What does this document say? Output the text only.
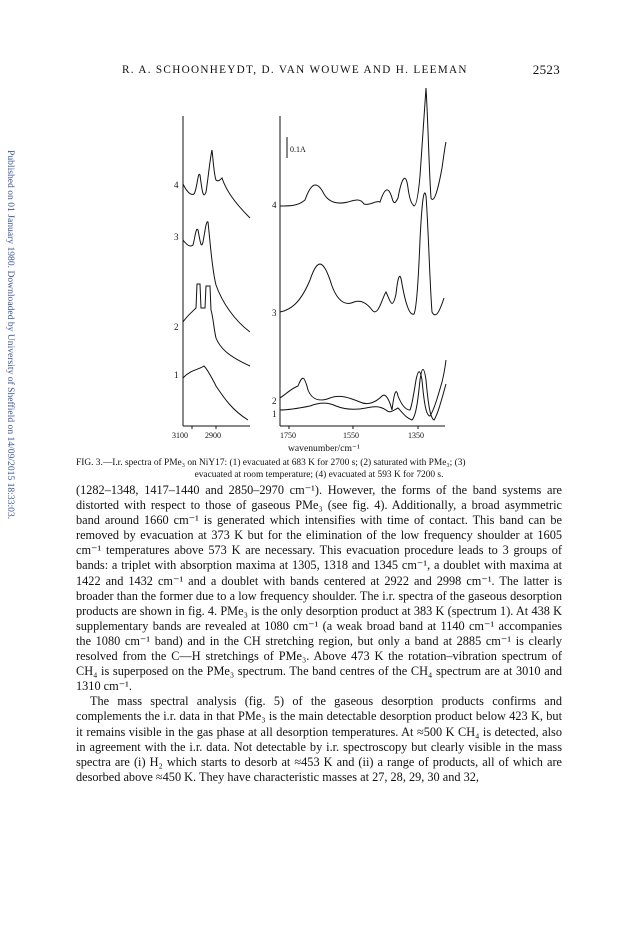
Published on 01 January 1980. Downloaded by University of Sheffield on 14/09/2015 18:33:03.
R. A. SCHOONHEYDT, D. VAN WOUWE AND H. LEEMAN	2523
4
3
2
1
3100 2900
0.1A
4
3
2
1
1750	1550	1350
wavenumber/cm⁻¹
FIG. 3.—I.r. spectra of PMe₃ on NiY17: (1) evacuated at 683 K for 2700 s; (2) saturated with PMe₃; (3)
evacuated at room temperature; (4) evacuated at 593 K for 7200 s.

(1282–1348, 1417–1440 and 2850–2970 cm⁻¹). However, the forms of the band systems are distorted with respect to those of gaseous PMe₃ (see fig. 4). Additionally, a broad asymmetric band around 1660 cm⁻¹ is generated which intensifies with time of contact. This band can be removed by evacuation at 373 K but for the elimination of the low frequency shoulder at 1605 cm⁻¹ temperatures above 573 K are necessary. This evacuation procedure leads to 3 groups of bands: a triplet with absorption maxima at 1305, 1318 and 1345 cm⁻¹, a doublet with maxima at 1422 and 1432 cm⁻¹ and a doublet with bands centered at 2922 and 2998 cm⁻¹. The latter is broader than the former due to a low frequency shoulder. The i.r. spectra of the gaseous desorption products are shown in fig. 4. PMe₃ is the only desorption product at 383 K (spectrum 1). At 438 K supplementary bands are revealed at 1080 cm⁻¹ (a weak broad band at 1140 cm⁻¹ accompanies the 1080 cm⁻¹ band) and in the CH stretching region, but only a band at 2885 cm⁻¹ is clearly resolved from the C—H stretchings of PMe₃. Above 473 K the rotation–vibration spectrum of CH₄ is superposed on the PMe₃ spectrum. The band centres of the CH₄ spectrum are at 3010 and 1310 cm⁻¹.

The mass spectral analysis (fig. 5) of the gaseous desorption products confirms and complements the i.r. data in that PMe₃ is the main detectable desorption product below 423 K, but it remains visible in the gas phase at all desorption temperatures. At ≈500 K CH₄ is detected, also in agreement with the i.r. data. Not detectable by i.r. spectroscopy but clearly visible in the mass spectra are (i) H₂ which starts to desorb at ≈453 K and (ii) a range of products, all of which are desorbed above ≈450 K. They have characteristic masses at 27, 28, 29, 30 and 32,
